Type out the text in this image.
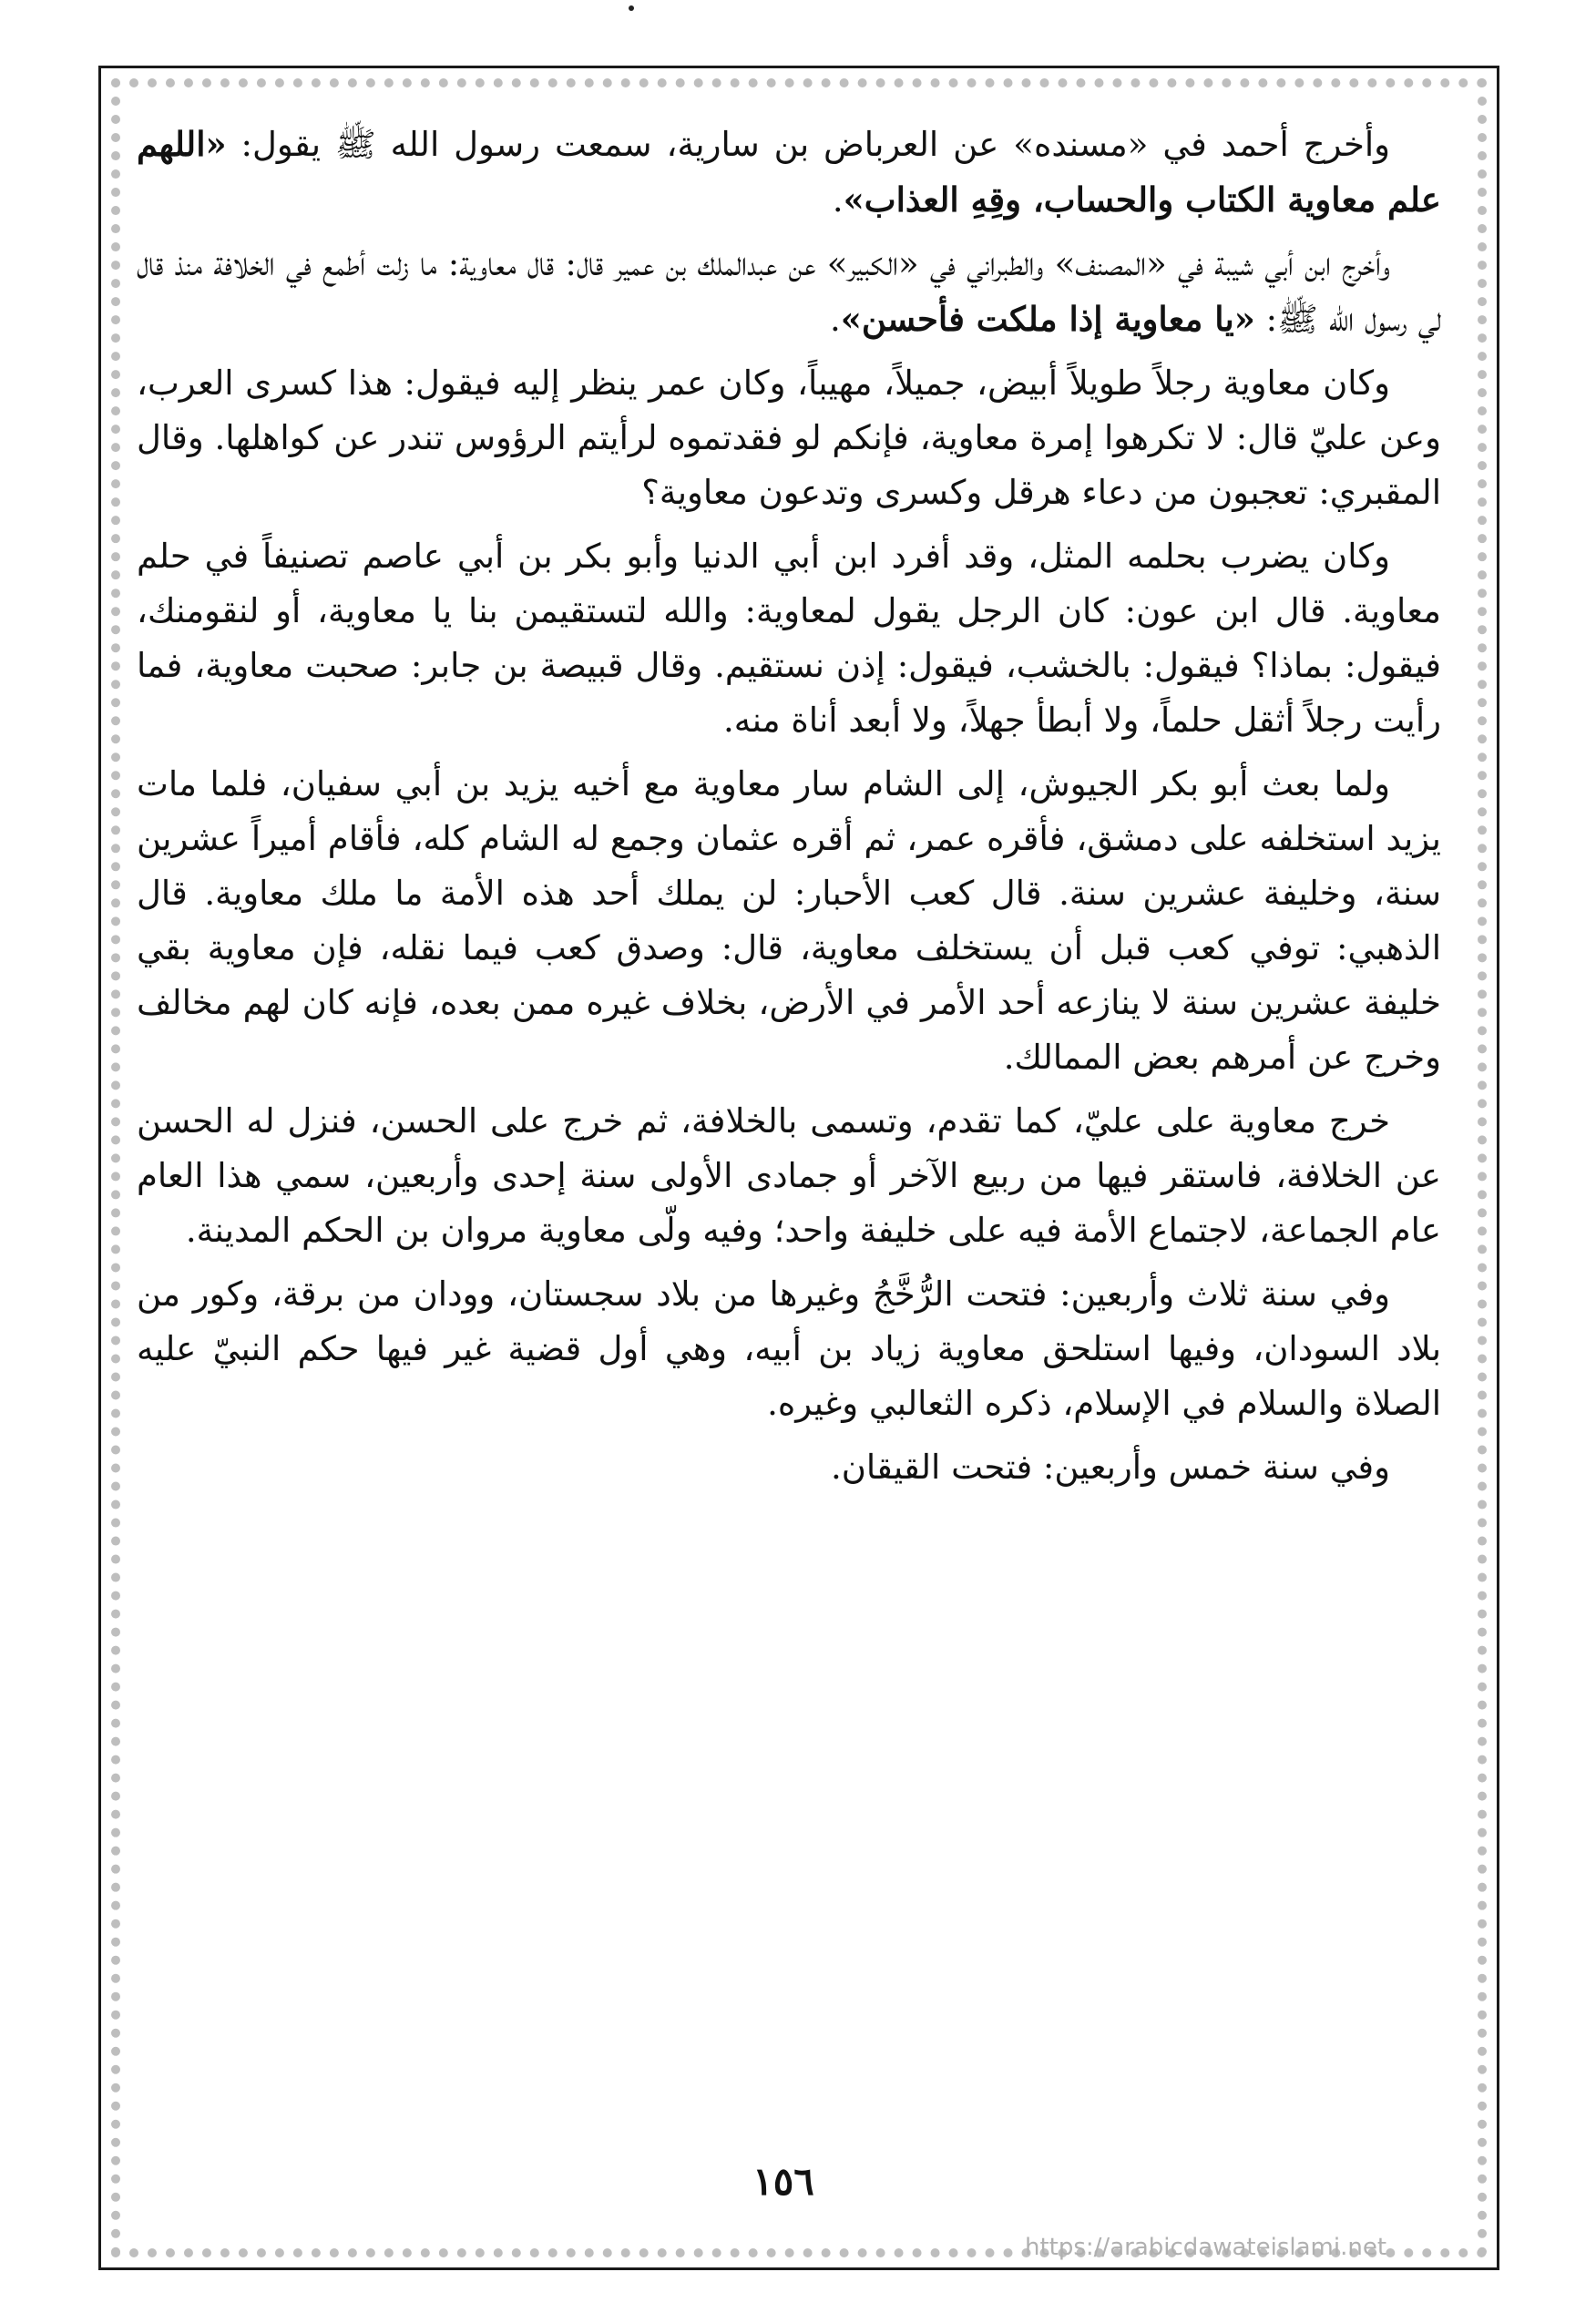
وأخرج أحمد في «مسنده» عن العرباض بن سارية، سمعت رسول الله ﷺ يقول: «اللهم علم معاوية الكتاب والحساب، وقِهِ العذاب».

وأخرج ابن أبي شيبة في «المصنف» والطبراني في «الكبير» عن عبدالملك بن عمير قال: قال معاوية: ما زلت أطمع في الخلافة منذ قال لي رسول الله ﷺ: «يا معاوية إذا ملكت فأحسن».

وكان معاوية رجلاً طويلاً أبيض، جميلاً، مهيباً، وكان عمر ينظر إليه فيقول: هذا كسرى العرب، وعن عليّ قال: لا تكرهوا إمرة معاوية، فإنكم لو فقدتموه لرأيتم الرؤوس تندر عن كواهلها. وقال المقبري: تعجبون من دعاء هرقل وكسرى وتدعون معاوية؟

وكان يضرب بحلمه المثل، وقد أفرد ابن أبي الدنيا وأبو بكر بن أبي عاصم تصنيفاً في حلم معاوية. قال ابن عون: كان الرجل يقول لمعاوية: والله لتستقيمن بنا يا معاوية، أو لنقومنك، فيقول: بماذا؟ فيقول: بالخشب، فيقول: إذن نستقيم. وقال قبيصة بن جابر: صحبت معاوية، فما رأيت رجلاً أثقل حلماً، ولا أبطأ جهلاً، ولا أبعد أناة منه.

ولما بعث أبو بكر الجيوش، إلى الشام سار معاوية مع أخيه يزيد بن أبي سفيان، فلما مات يزيد استخلفه على دمشق، فأقره عمر، ثم أقره عثمان وجمع له الشام كله، فأقام أميراً عشرين سنة، وخليفة عشرين سنة. قال كعب الأحبار: لن يملك أحد هذه الأمة ما ملك معاوية. قال الذهبي: توفي كعب قبل أن يستخلف معاوية، قال: وصدق كعب فيما نقله، فإن معاوية بقي خليفة عشرين سنة لا ينازعه أحد الأمر في الأرض، بخلاف غيره ممن بعده، فإنه كان لهم مخالف وخرج عن أمرهم بعض الممالك.

خرج معاوية على عليّ، كما تقدم، وتسمى بالخلافة، ثم خرج على الحسن، فنزل له الحسن عن الخلافة، فاستقر فيها من ربيع الآخر أو جمادى الأولى سنة إحدى وأربعين، سمي هذا العام عام الجماعة، لاجتماع الأمة فيه على خليفة واحد؛ وفيه ولّى معاوية مروان بن الحكم المدينة.

وفي سنة ثلاث وأربعين: فتحت الرُّخَّجُ وغيرها من بلاد سجستان، وودان من برقة، وكور من بلاد السودان، وفيها استلحق معاوية زياد بن أبيه، وهي أول قضية غير فيها حكم النبيّ عليه الصلاة والسلام في الإسلام، ذكره الثعالبي وغيره.

وفي سنة خمس وأربعين: فتحت القيقان.

١٥٦
https://arabicdawateislami.net
